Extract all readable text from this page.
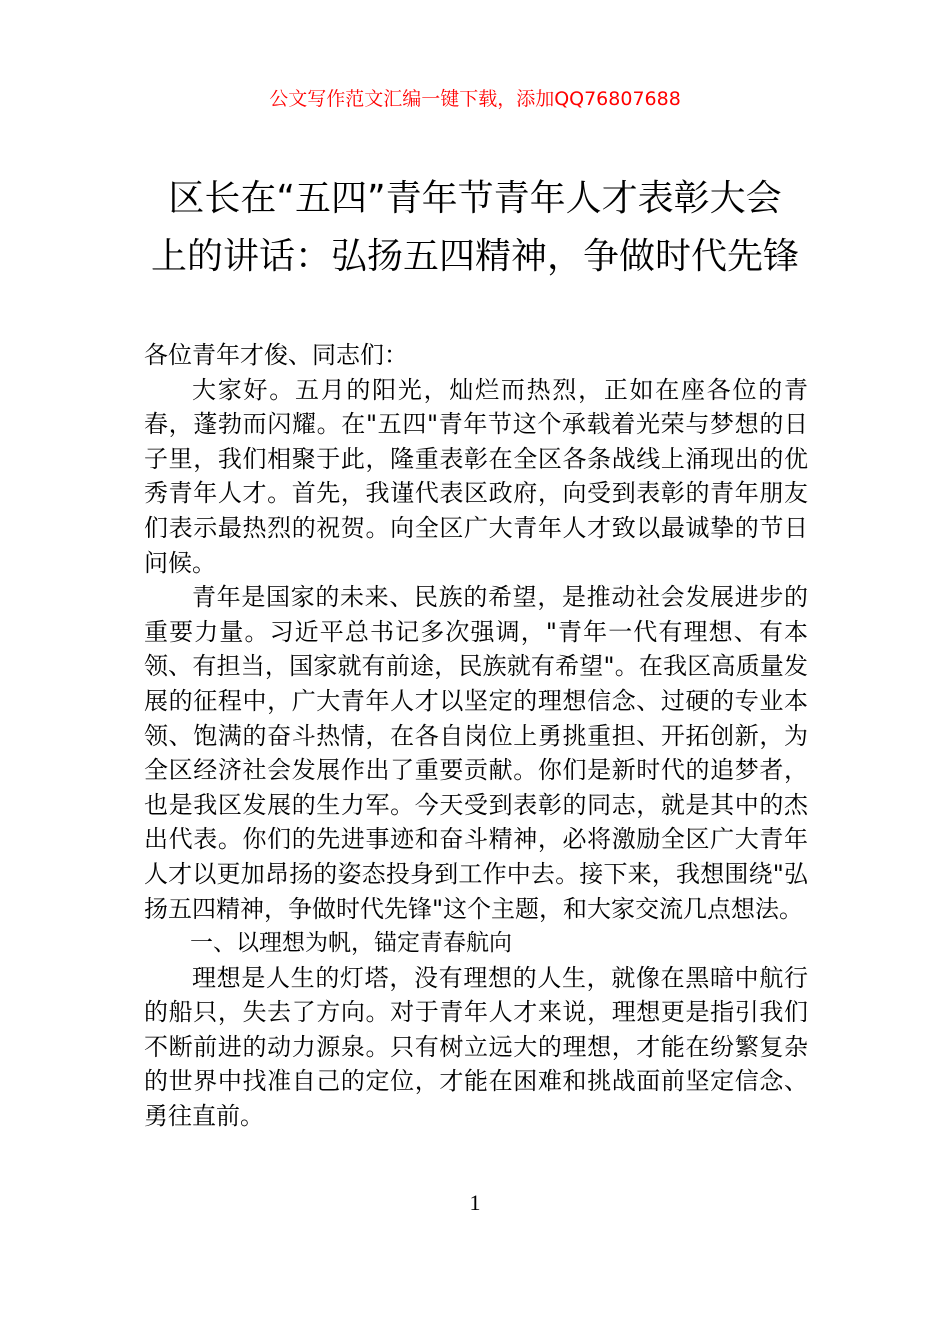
公文写作范文汇编一键下载，添加QQ76807688
区长在“五四”青年节青年人才表彰大会
上的讲话：弘扬五四精神，争做时代先锋

各位青年才俊、同志们：

大家好。五月的阳光，灿烂而热烈，正如在座各位的青春，蓬勃而闪耀。在"五四"青年节这个承载着光荣与梦想的日子里，我们相聚于此，隆重表彰在全区各条战线上涌现出的优秀青年人才。首先，我谨代表区政府，向受到表彰的青年朋友们表示最热烈的祝贺。向全区广大青年人才致以最诚挚的节日问候。

青年是国家的未来、民族的希望，是推动社会发展进步的重要力量。习近平总书记多次强调，"青年一代有理想、有本领、有担当，国家就有前途，民族就有希望"。在我区高质量发展的征程中，广大青年人才以坚定的理想信念、过硬的专业本领、饱满的奋斗热情，在各自岗位上勇挑重担、开拓创新，为全区经济社会发展作出了重要贡献。你们是新时代的追梦者，也是我区发展的生力军。今天受到表彰的同志，就是其中的杰出代表。你们的先进事迹和奋斗精神，必将激励全区广大青年人才以更加昂扬的姿态投身到工作中去。接下来，我想围绕"弘扬五四精神，争做时代先锋"这个主题，和大家交流几点想法。

一、以理想为帆，锚定青春航向

理想是人生的灯塔，没有理想的人生，就像在黑暗中航行的船只，失去了方向。对于青年人才来说，理想更是指引我们不断前进的动力源泉。只有树立远大的理想，才能在纷繁复杂的世界中找准自己的定位，才能在困难和挑战面前坚定信念、勇往直前。

1
